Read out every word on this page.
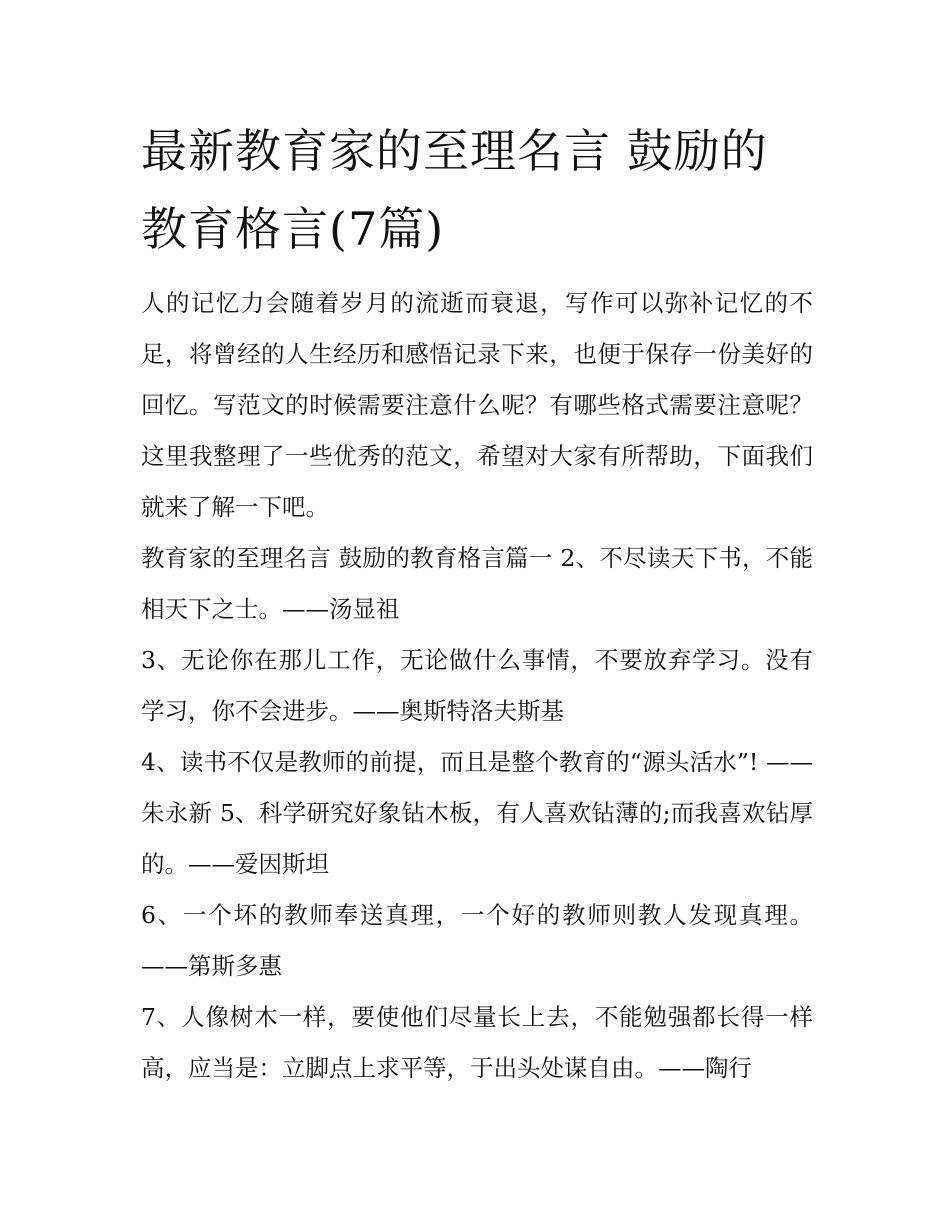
最新教育家的至理名言 鼓励的
教育格言(7篇)

人的记忆力会随着岁月的流逝而衰退，写作可以弥补记忆的不足，将曾经的人生经历和感悟记录下来，也便于保存一份美好的回忆。写范文的时候需要注意什么呢？有哪些格式需要注意呢？这里我整理了一些优秀的范文，希望对大家有所帮助，下面我们就来了解一下吧。

教育家的至理名言 鼓励的教育格言篇一 2、不尽读天下书，不能相天下之士。——汤显祖

3、无论你在那儿工作，无论做什么事情，不要放弃学习。没有学习，你不会进步。——奥斯特洛夫斯基

4、读书不仅是教师的前提，而且是整个教育的“源头活水”! ——朱永新 5、科学研究好象钻木板，有人喜欢钻薄的;而我喜欢钻厚的。——爱因斯坦

6、一个坏的教师奉送真理，一个好的教师则教人发现真理。——第斯多惠

7、人像树木一样，要使他们尽量长上去，不能勉强都长得一样高，应当是：立脚点上求平等，于出头处谋自由。——陶行
